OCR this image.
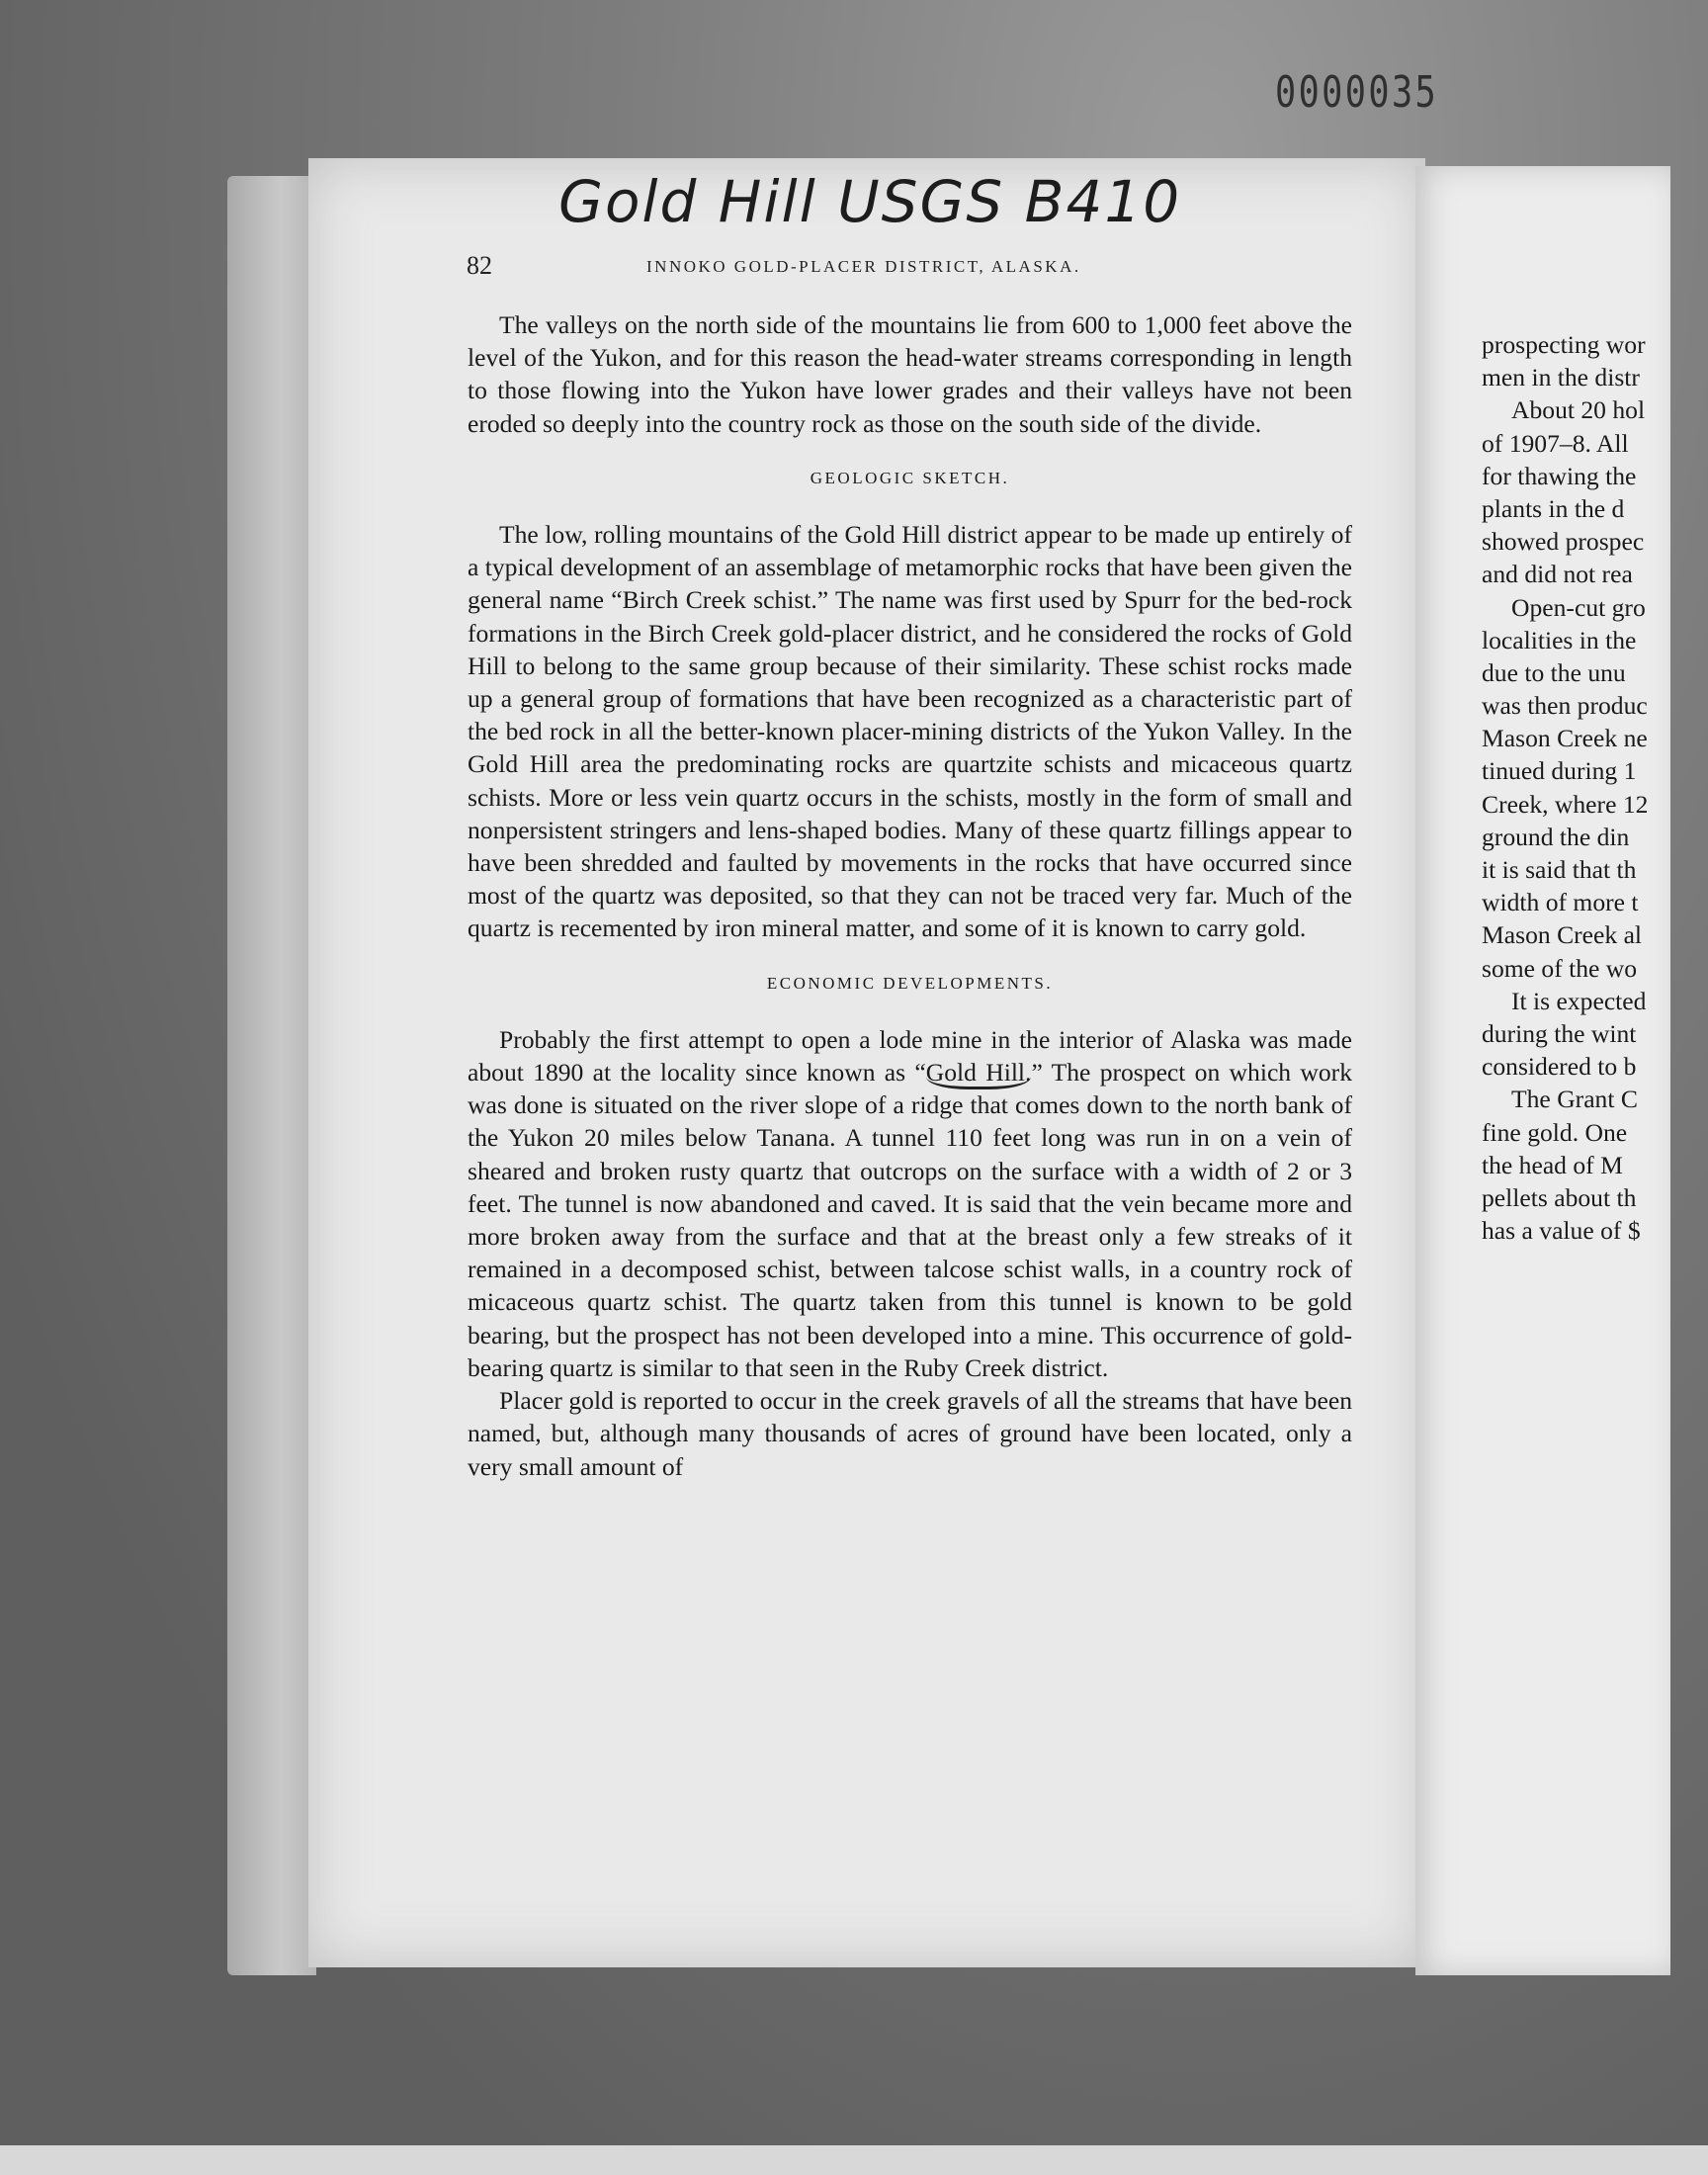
0000035
Gold Hill USGS B410
82	INNOKO GOLD-PLACER DISTRICT, ALASKA.

The valleys on the north side of the mountains lie from 600 to 1,000 feet above the level of the Yukon, and for this reason the head-water streams corresponding in length to those flowing into the Yukon have lower grades and their valleys have not been eroded so deeply into the country rock as those on the south side of the divide.

GEOLOGIC SKETCH.

The low, rolling mountains of the Gold Hill district appear to be made up entirely of a typical development of an assemblage of metamorphic rocks that have been given the general name “Birch Creek schist.” The name was first used by Spurr for the bed-rock formations in the Birch Creek gold-placer district, and he considered the rocks of Gold Hill to belong to the same group because of their similarity. These schist rocks made up a general group of formations that have been recognized as a characteristic part of the bed rock in all the better-known placer-mining districts of the Yukon Valley. In the Gold Hill area the predominating rocks are quartzite schists and micaceous quartz schists. More or less vein quartz occurs in the schists, mostly in the form of small and nonpersistent stringers and lens-shaped bodies. Many of these quartz fillings appear to have been shredded and faulted by movements in the rocks that have occurred since most of the quartz was deposited, so that they can not be traced very far. Much of the quartz is recemented by iron mineral matter, and some of it is known to carry gold.

ECONOMIC DEVELOPMENTS.

Probably the first attempt to open a lode mine in the interior of Alaska was made about 1890 at the locality since known as “Gold Hill.” The prospect on which work was done is situated on the river slope of a ridge that comes down to the north bank of the Yukon 20 miles below Tanana. A tunnel 110 feet long was run in on a vein of sheared and broken rusty quartz that outcrops on the surface with a width of 2 or 3 feet. The tunnel is now abandoned and caved. It is said that the vein became more and more broken away from the surface and that at the breast only a few streaks of it remained in a decomposed schist, between talcose schist walls, in a country rock of micaceous quartz schist. The quartz taken from this tunnel is known to be gold bearing, but the prospect has not been developed into a mine. This occurrence of gold-bearing quartz is similar to that seen in the Ruby Creek district.

Placer gold is reported to occur in the creek gravels of all the streams that have been named, but, although many thousands of acres of ground have been located, only a very small amount of

prospecting wor
men in the distr
About 20 hol
of 1907–8. All
for thawing the
plants in the d
showed prospec
and did not rea
Open-cut gro
localities in the
due to the unu
was then produc
Mason Creek ne
tinued during 1
Creek, where 12
ground the din
it is said that th
width of more t
Mason Creek al
some of the wo
It is expected
during the wint
considered to b
The Grant C
fine gold. One
the head of M
pellets about th
has a value of $
